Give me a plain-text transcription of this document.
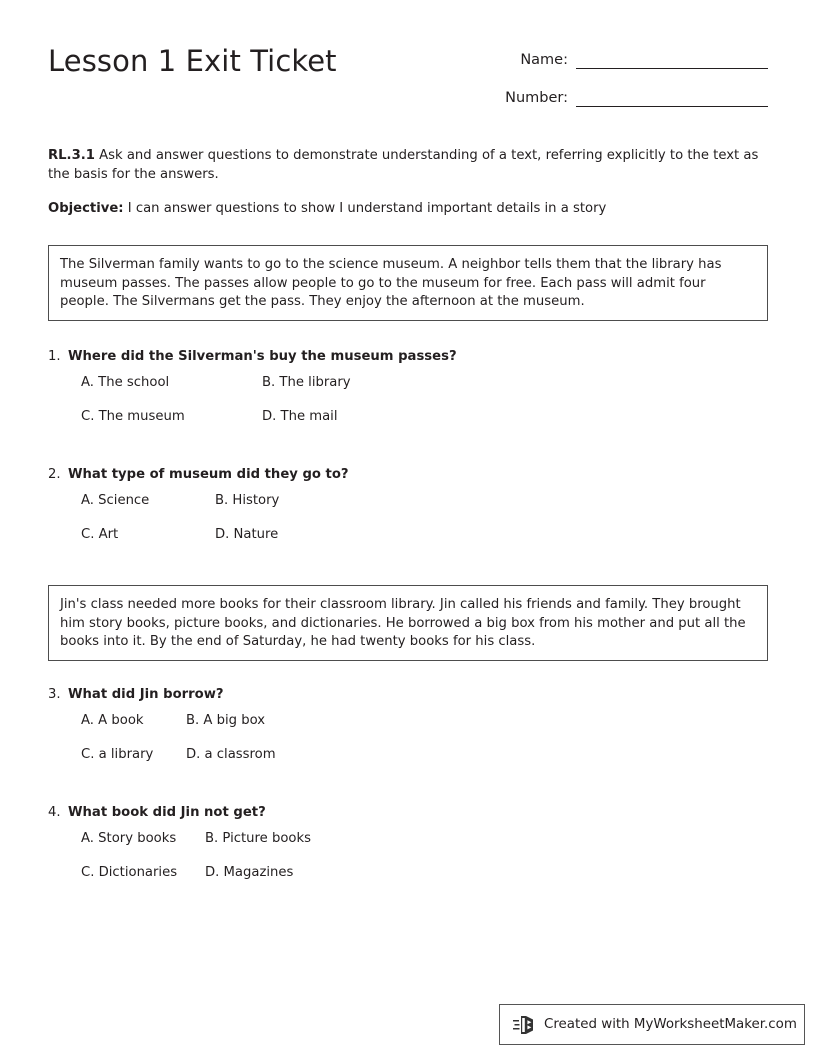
Lesson 1 Exit Ticket	Name:
Number:
RL.3.1 Ask and answer questions to demonstrate understanding of a text, referring explicitly to the text as the basis for the answers.
Objective: I can answer questions to show I understand important details in a story
The Silverman family wants to go to the science museum. A neighbor tells them that the library has museum passes. The passes allow people to go to the museum for free. Each pass will admit four people. The Silvermans get the pass. They enjoy the afternoon at the museum.
1. Where did the Silverman's buy the museum passes?
A. The school	B. The library
C. The museum	D. The mail
2. What type of museum did they go to?
A. Science	B. History
C. Art	D. Nature
Jin's class needed more books for their classroom library. Jin called his friends and family. They brought him story books, picture books, and dictionaries. He borrowed a big box from his mother and put all the books into it. By the end of Saturday, he had twenty books for his class.
3. What did Jin borrow?
A. A book	B. A big box
C. a library	D. a classrom
4. What book did Jin not get?
A. Story books	B. Picture books
C. Dictionaries	D. Magazines
Created with MyWorksheetMaker.com
